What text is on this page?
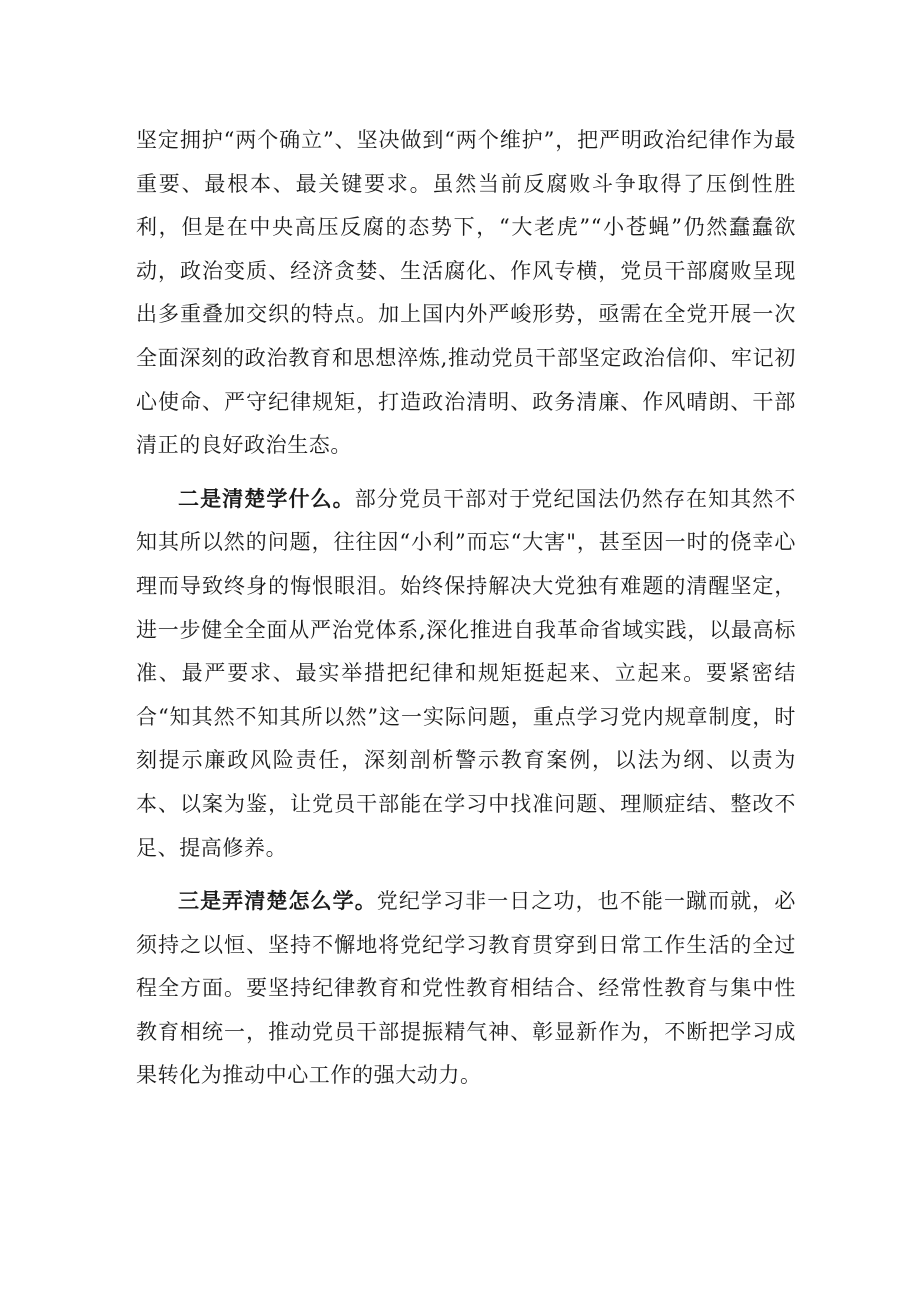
坚定拥护“两个确立”、坚决做到“两个维护”，把严明政治纪律作为最重要、最根本、最关键要求。虽然当前反腐败斗争取得了压倒性胜利，但是在中央高压反腐的态势下，“大老虎”“小苍蝇”仍然蠢蠢欲动，政治变质、经济贪婪、生活腐化、作风专横，党员干部腐败呈现出多重叠加交织的特点。加上国内外严峻形势，亟需在全党开展一次全面深刻的政治教育和思想淬炼,推动党员干部坚定政治信仰、牢记初心使命、严守纪律规矩，打造政治清明、政务清廉、作风晴朗、干部清正的良好政治生态。

二是清楚学什么。部分党员干部对于党纪国法仍然存在知其然不知其所以然的问题，往往因“小利”而忘“大害"，甚至因一时的侥幸心理而导致终身的悔恨眼泪。始终保持解决大党独有难题的清醒坚定，进一步健全全面从严治党体系,深化推进自我革命省域实践，以最高标准、最严要求、最实举措把纪律和规矩挺起来、立起来。要紧密结合“知其然不知其所以然”这一实际问题，重点学习党内规章制度，时刻提示廉政风险责任，深刻剖析警示教育案例，以法为纲、以责为本、以案为鉴，让党员干部能在学习中找准问题、理顺症结、整改不足、提高修养。

三是弄清楚怎么学。党纪学习非一日之功，也不能一蹴而就，必须持之以恒、坚持不懈地将党纪学习教育贯穿到日常工作生活的全过程全方面。要坚持纪律教育和党性教育相结合、经常性教育与集中性教育相统一，推动党员干部提振精气神、彰显新作为，不断把学习成果转化为推动中心工作的强大动力。
